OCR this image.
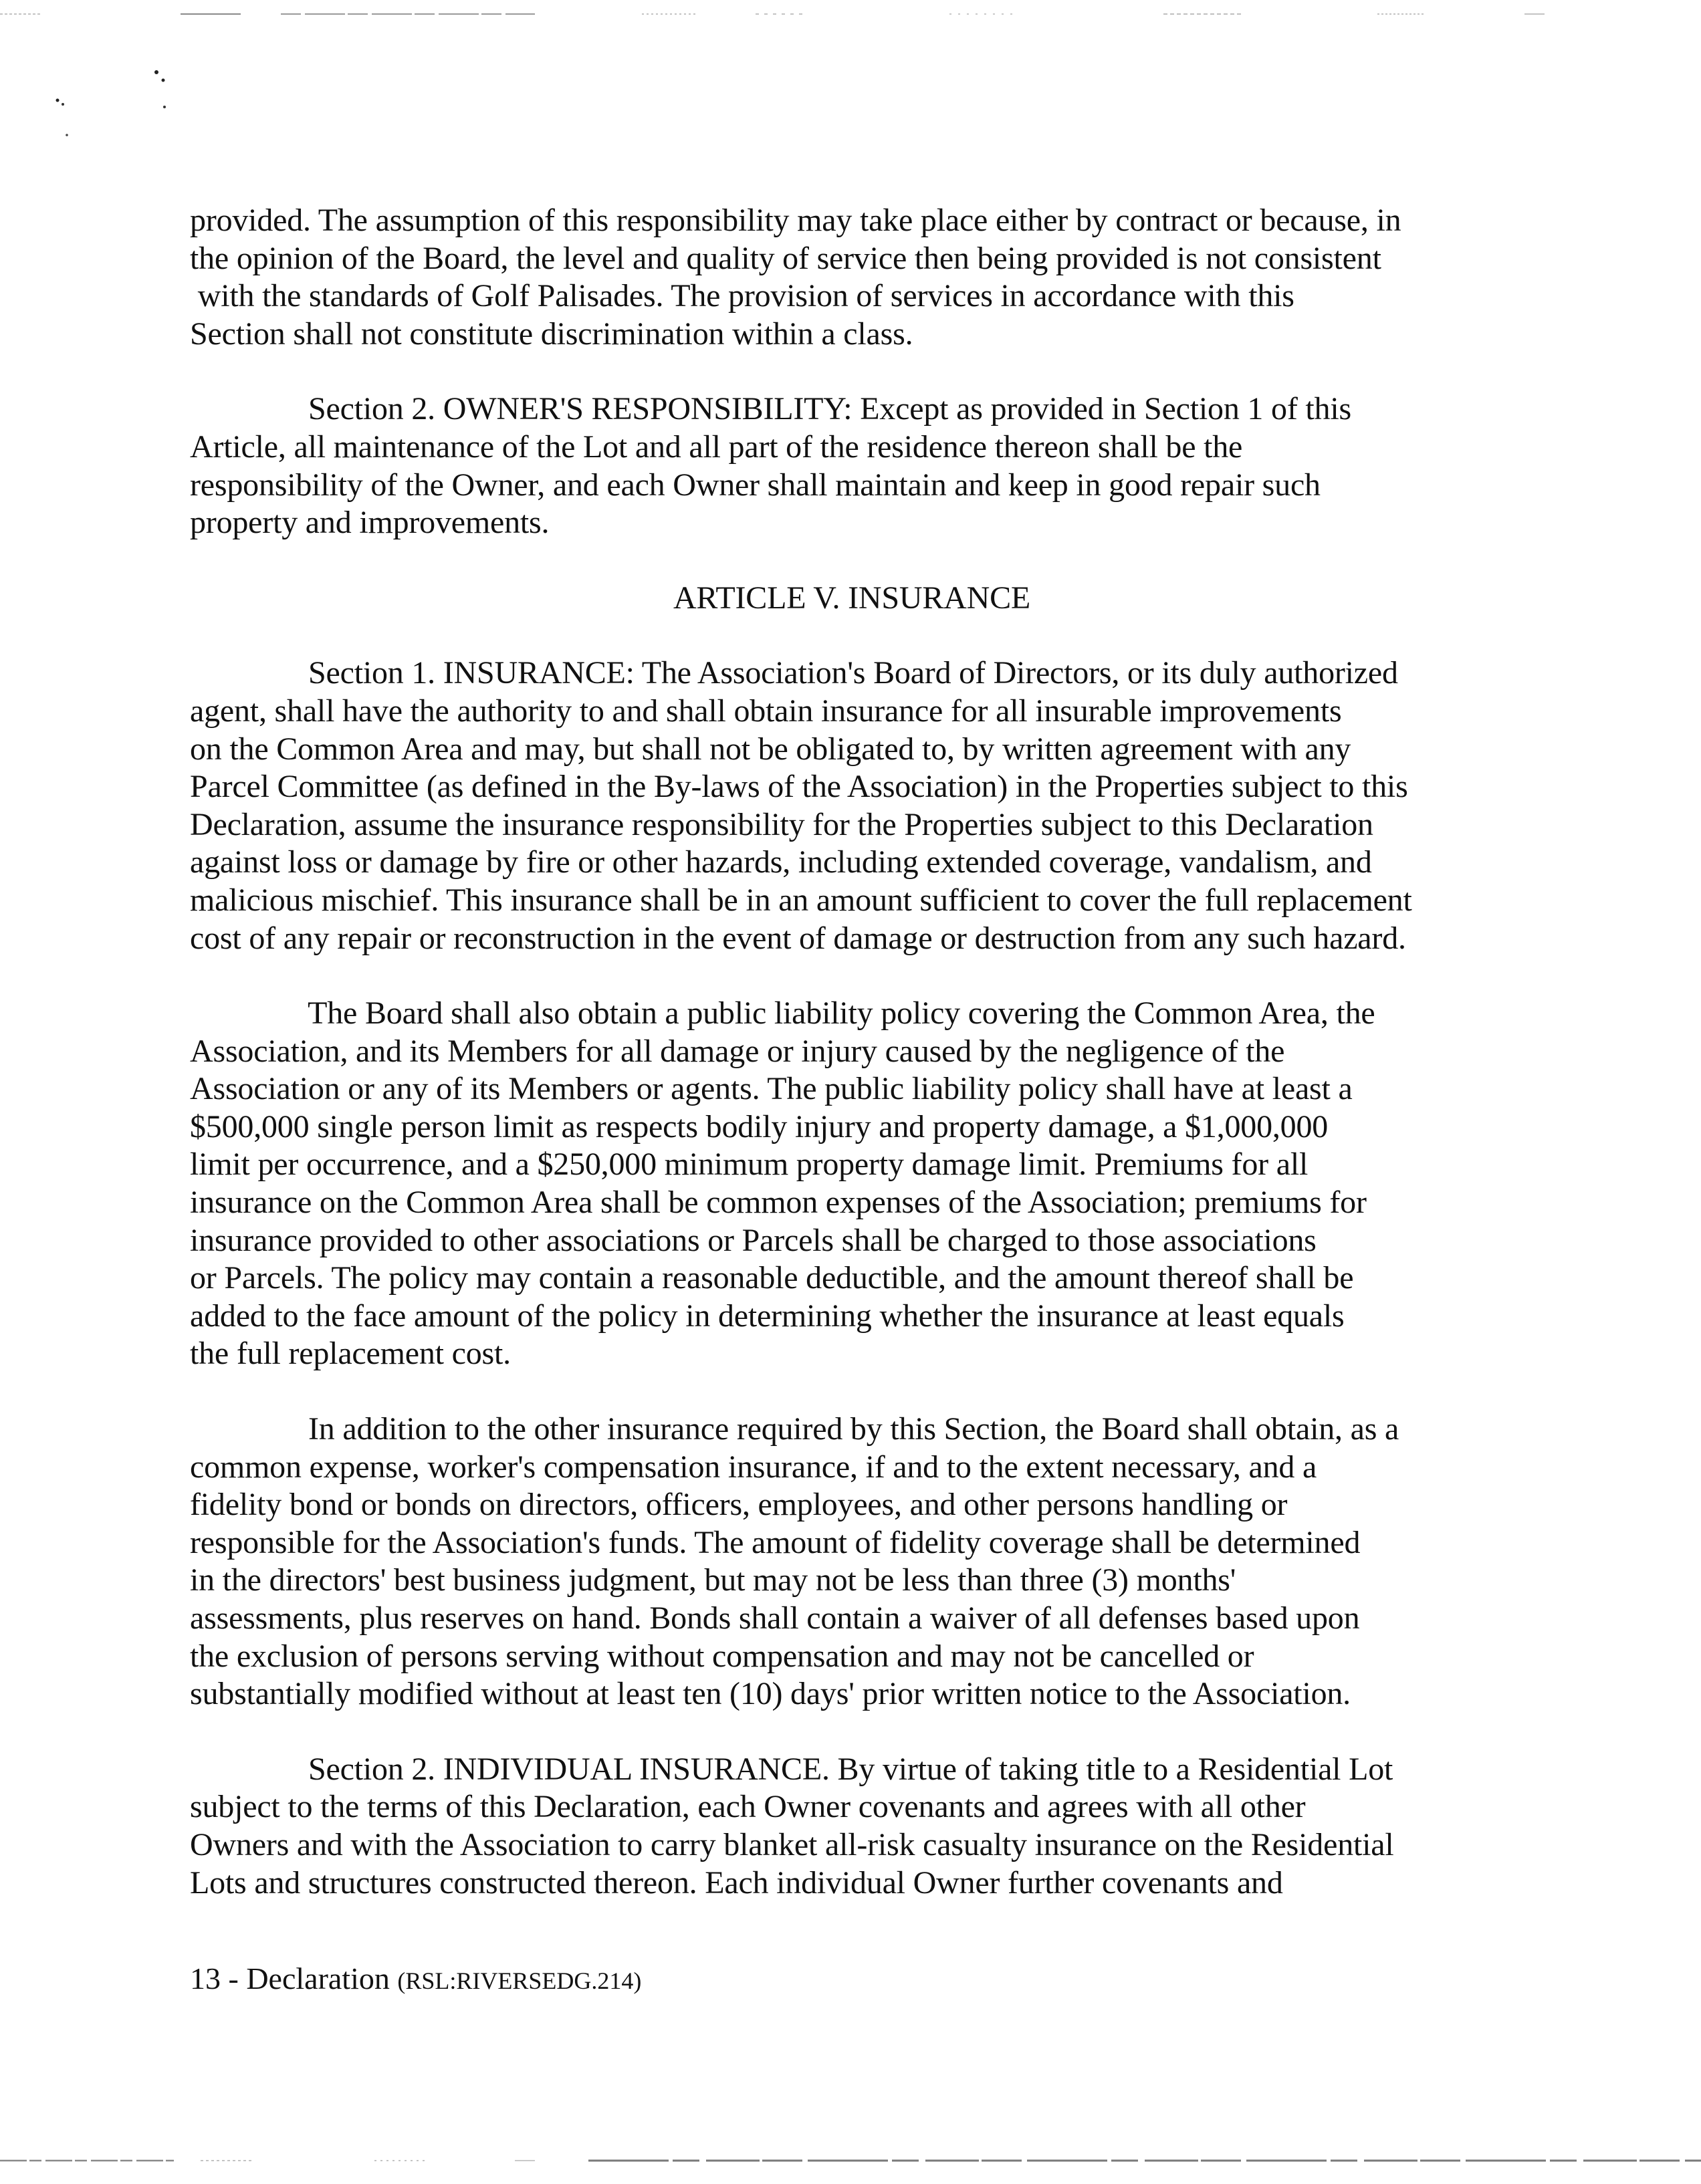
provided. The assumption of this responsibility may take place either by contract or because, in

the opinion of the Board, the level and quality of service then being provided is not consistent

with the standards of Golf Palisades. The provision of services in accordance with this

Section shall not constitute discrimination within a class.

Section 2. OWNER'S RESPONSIBILITY: Except as provided in Section 1 of this

Article, all maintenance of the Lot and all part of the residence thereon shall be the

responsibility of the Owner, and each Owner shall maintain and keep in good repair such

property and improvements.

ARTICLE V. INSURANCE

Section 1. INSURANCE: The Association's Board of Directors, or its duly authorized

agent, shall have the authority to and shall obtain insurance for all insurable improvements

on the Common Area and may, but shall not be obligated to, by written agreement with any

Parcel Committee (as defined in the By-laws of the Association) in the Properties subject to this

Declaration, assume the insurance responsibility for the Properties subject to this Declaration

against loss or damage by fire or other hazards, including extended coverage, vandalism, and

malicious mischief. This insurance shall be in an amount sufficient to cover the full replacement

cost of any repair or reconstruction in the event of damage or destruction from any such hazard.

The Board shall also obtain a public liability policy covering the Common Area, the

Association, and its Members for all damage or injury caused by the negligence of the

Association or any of its Members or agents. The public liability policy shall have at least a

$500,000 single person limit as respects bodily injury and property damage, a $1,000,000

limit per occurrence, and a $250,000 minimum property damage limit. Premiums for all

insurance on the Common Area shall be common expenses of the Association; premiums for

insurance provided to other associations or Parcels shall be charged to those associations

or Parcels. The policy may contain a reasonable deductible, and the amount thereof shall be

added to the face amount of the policy in determining whether the insurance at least equals

the full replacement cost.

In addition to the other insurance required by this Section, the Board shall obtain, as a

common expense, worker's compensation insurance, if and to the extent necessary, and a

fidelity bond or bonds on directors, officers, employees, and other persons handling or

responsible for the Association's funds. The amount of fidelity coverage shall be determined

in the directors' best business judgment, but may not be less than three (3) months'

assessments, plus reserves on hand. Bonds shall contain a waiver of all defenses based upon

the exclusion of persons serving without compensation and may not be cancelled or

substantially modified without at least ten (10) days' prior written notice to the Association.

Section 2. INDIVIDUAL INSURANCE. By virtue of taking title to a Residential Lot

subject to the terms of this Declaration, each Owner covenants and agrees with all other

Owners and with the Association to carry blanket all-risk casualty insurance on the Residential

Lots and structures constructed thereon. Each individual Owner further covenants and

13 - Declaration (RSL:RIVERSEDG.214)
